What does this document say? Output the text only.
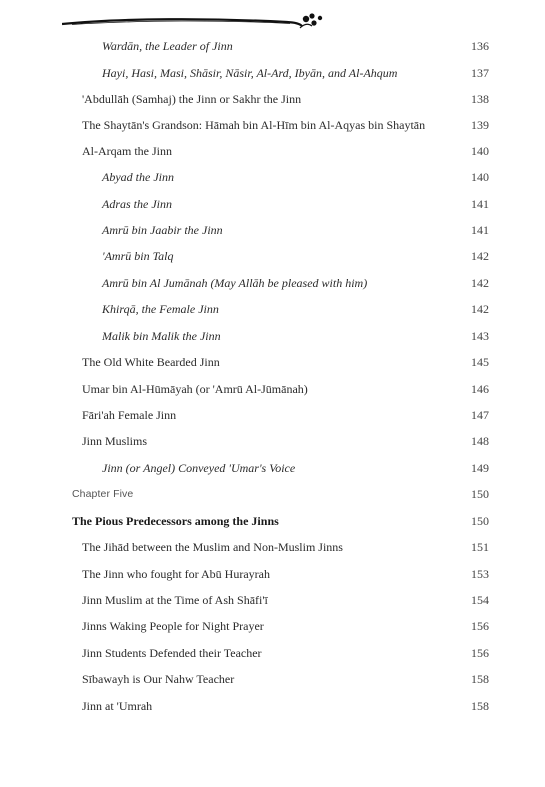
Wardān, the Leader of Jinn	136
Hayi, Hasi, Masi, Shāsir, Nāsir, Al-Ard, Ibyān, and Al-Ahqum	137
'Abdullāh (Samhaj) the Jinn or Sakhr the Jinn	138
The Shaytān's Grandson: Hāmah bin Al-Hīm bin Al-Aqyas bin Shaytān	139
Al-Arqam the Jinn	140
Abyad the Jinn	140
Adras the Jinn	141
Amrū bin Jaabir the Jinn	141
'Amrū bin Talq	142
Amrū bin Al Jumānah (May Allāh be pleased with him)	142
Khirqā, the Female Jinn	142
Malik bin Malik the Jinn	143
The Old White Bearded Jinn	145
Umar bin Al-Hūmāyah (or 'Amrū Al-Jūmānah)	146
Fāri'ah Female Jinn	147
Jinn Muslims	148
Jinn (or Angel) Conveyed 'Umar's Voice	149
Chapter Five	150
The Pious Predecessors among the Jinns	150
The Jihād between the Muslim and Non-Muslim Jinns	151
The Jinn who fought for Abū Hurayrah	153
Jinn Muslim at the Time of Ash Shāfi'ī	154
Jinns Waking People for Night Prayer	156
Jinn Students Defended their Teacher	156
Sībawayh is Our Nahw Teacher	158
Jinn at 'Umrah	158
